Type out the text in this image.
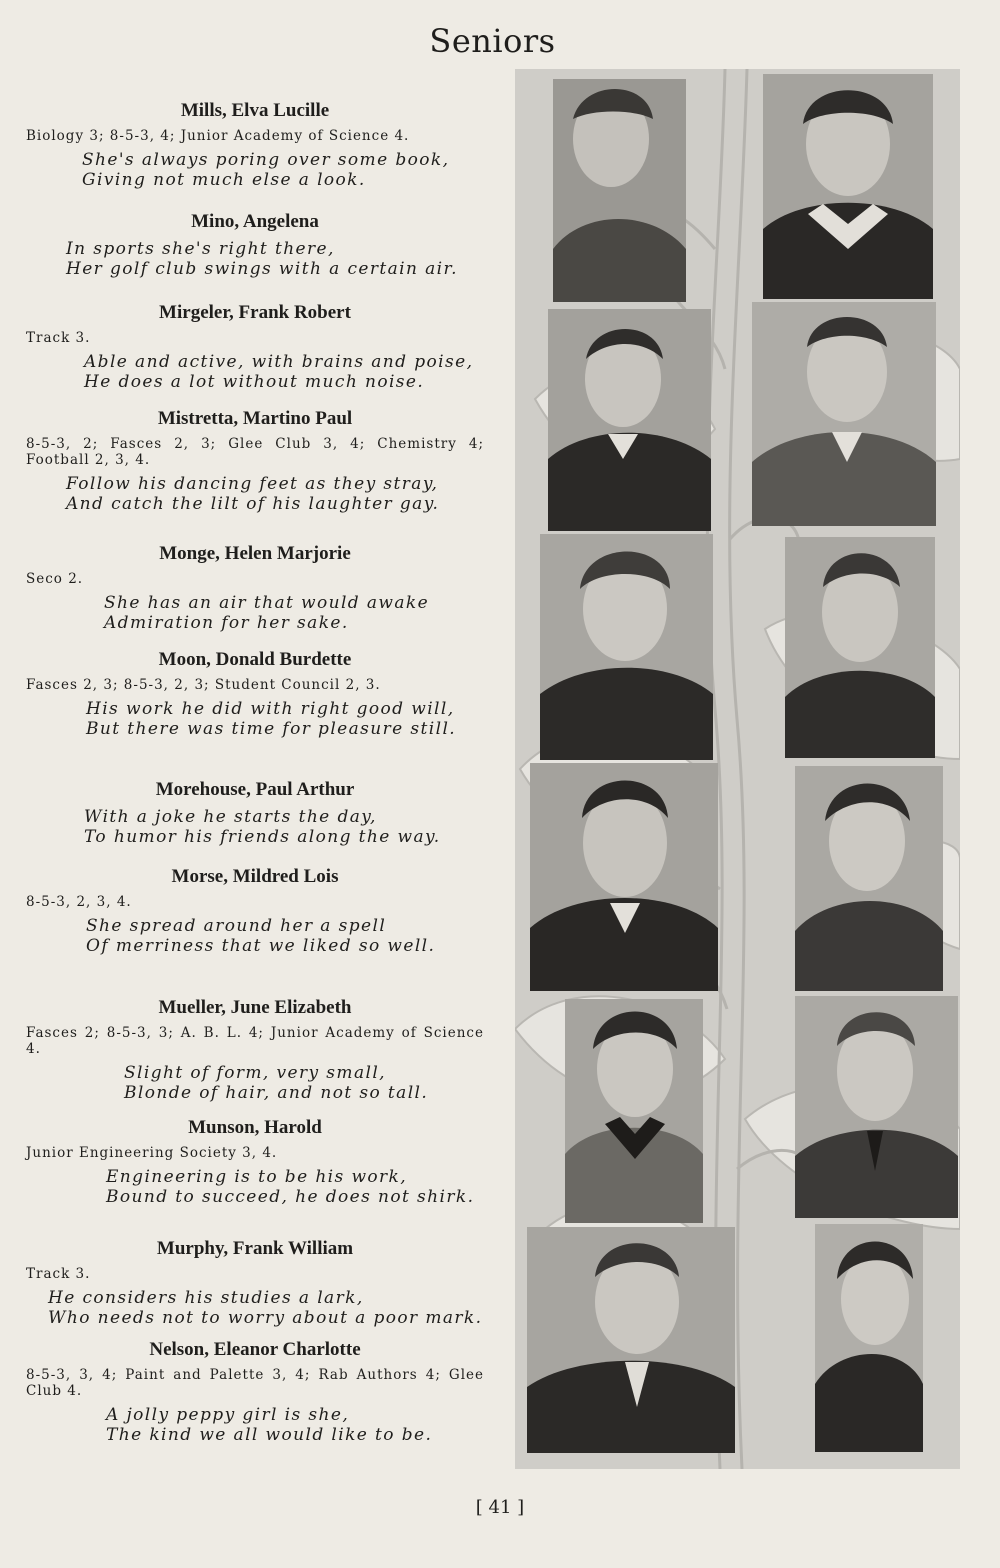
Seniors
Mills, Elva Lucille
Biology 3; 8-5-3, 4; Junior Academy of Science 4.
She's always poring over some book,
Giving not much else a look.
Mino, Angelena
In sports she's right there,
Her golf club swings with a certain air.
Mirgeler, Frank Robert
Track 3.
Able and active, with brains and poise,
He does a lot without much noise.
Mistretta, Martino Paul
8-5-3, 2; Fasces 2, 3; Glee Club 3, 4; Chemistry 4; Football 2, 3, 4.
Follow his dancing feet as they stray,
And catch the lilt of his laughter gay.
Monge, Helen Marjorie
Seco 2.
She has an air that would awake
Admiration for her sake.
Moon, Donald Burdette
Fasces 2, 3; 8-5-3, 2, 3; Student Council 2, 3.
His work he did with right good will,
But there was time for pleasure still.
Morehouse, Paul Arthur
With a joke he starts the day,
To humor his friends along the way.
Morse, Mildred Lois
8-5-3, 2, 3, 4.
She spread around her a spell
Of merriness that we liked so well.
Mueller, June Elizabeth
Fasces 2; 8-5-3, 3; A. B. L. 4; Junior Academy of Science 4.
Slight of form, very small,
Blonde of hair, and not so tall.
Munson, Harold
Junior Engineering Society 3, 4.
Engineering is to be his work,
Bound to succeed, he does not shirk.
Murphy, Frank William
Track 3.
He considers his studies a lark,
Who needs not to worry about a poor mark.
Nelson, Eleanor Charlotte
8-5-3, 3, 4; Paint and Palette 3, 4; Rab Authors 4; Glee Club 4.
A jolly peppy girl is she,
The kind we all would like to be.
[ 41 ]
